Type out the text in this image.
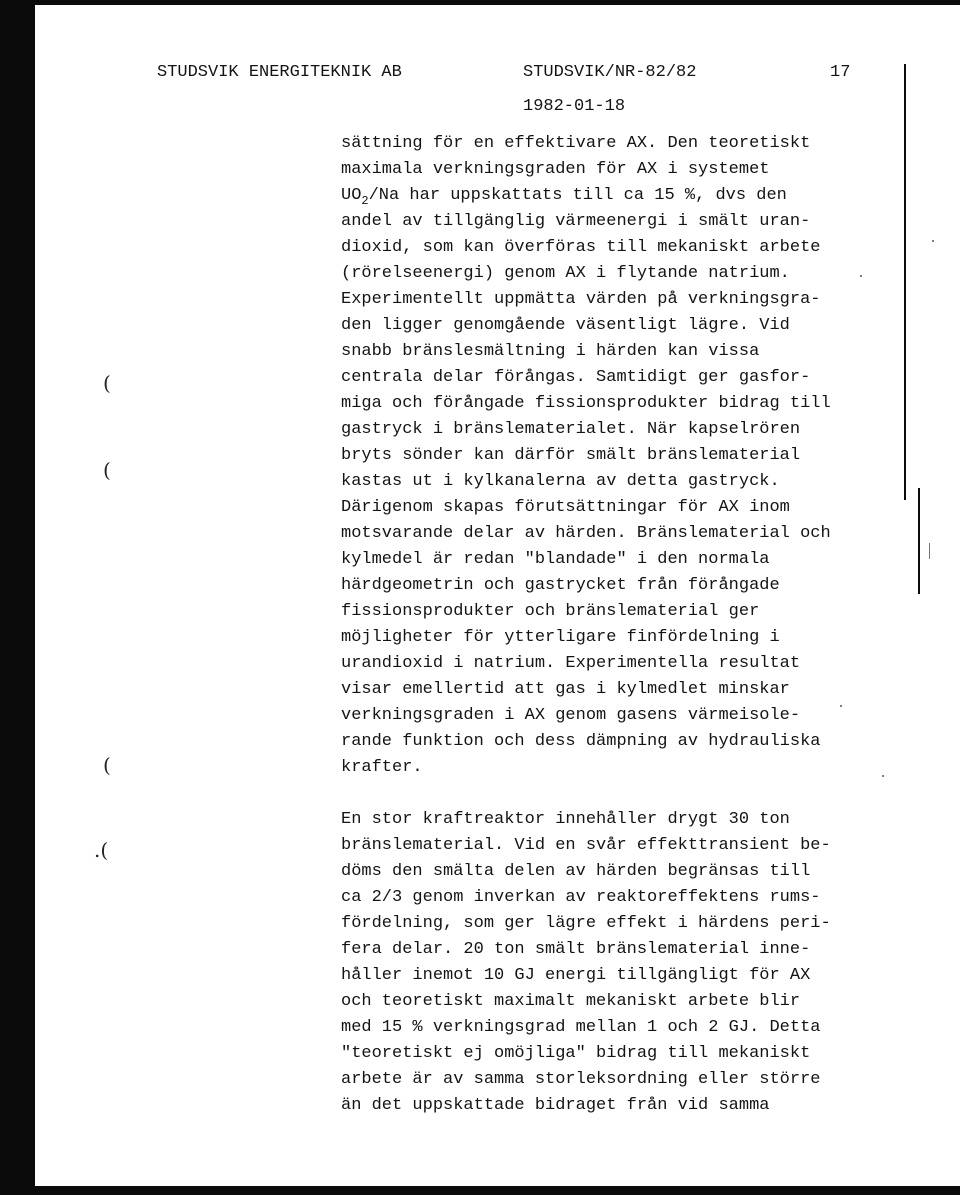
STUDSVIK ENERGITEKNIK AB	STUDSVIK/NR-82/82	17
1982-01-18
(
(
(
.(
sättning för en effektivare AX. Den teoretiskt
maximala verkningsgraden för AX i systemet
$UO_2/Na$ har uppskattats till ca 15 %, dvs den
andel av tillgänglig värmeenergi i smält uran-
dioxid, som kan överföras till mekaniskt arbete
(rörelseenergi) genom AX i flytande natrium.
Experimentellt uppmätta värden på verkningsgra-
den ligger genomgående väsentligt lägre. Vid
snabb bränslesmältning i härden kan vissa
centrala delar förångas. Samtidigt ger gasfor-
miga och förångade fissionsprodukter bidrag till
gastryck i bränslematerialet. När kapselrören
bryts sönder kan därför smält bränslematerial
kastas ut i kylkanalerna av detta gastryck.
Därigenom skapas förutsättningar för AX inom
motsvarande delar av härden. Bränslematerial och
kylmedel är redan "blandade" i den normala
härdgeometrin och gastrycket från förångade
fissionsprodukter och bränslematerial ger
möjligheter för ytterligare finfördelning i
urandioxid i natrium. Experimentella resultat
visar emellertid att gas i kylmedlet minskar
verkningsgraden i AX genom gasens värmeisole-
rande funktion och dess dämpning av hydrauliska
krafter.
En stor kraftreaktor innehåller drygt 30 ton
bränslematerial. Vid en svår effekttransient be-
döms den smälta delen av härden begränsas till
ca 2/3 genom inverkan av reaktoreffektens rums-
fördelning, som ger lägre effekt i härdens peri-
fera delar. 20 ton smält bränslematerial inne-
håller inemot 10 GJ energi tillgängligt för AX
och teoretiskt maximalt mekaniskt arbete blir
med 15 % verkningsgrad mellan 1 och 2 GJ. Detta
"teoretiskt ej omöjliga" bidrag till mekaniskt
arbete är av samma storleksordning eller större
än det uppskattade bidraget från vid samma
